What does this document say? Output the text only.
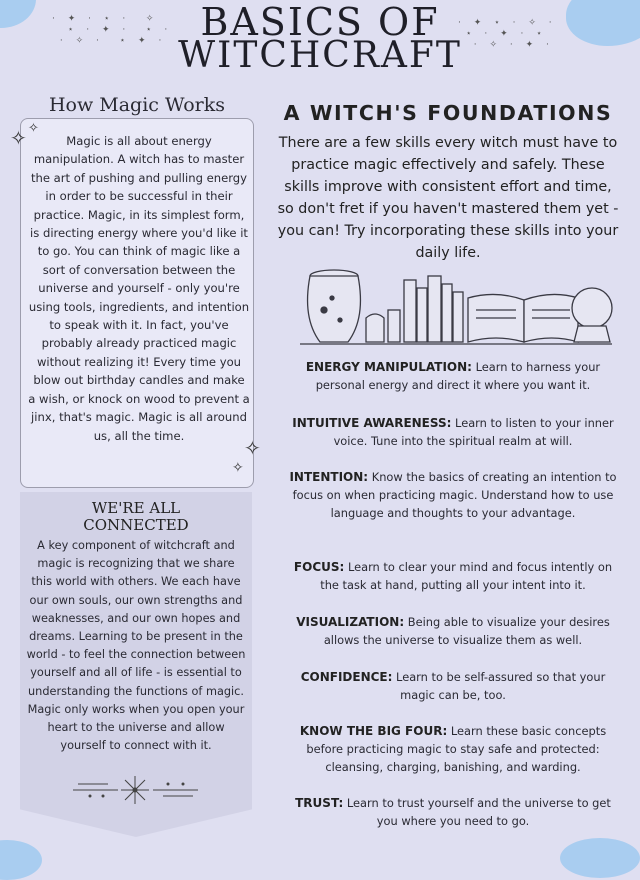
· ✦ · ⋆ ·  ✧
⋆ · ✦ ·  ⋆ ·
· ✧ ·  ⋆ ✦ ·
· ✦ ⋆ · ✧ ·
⋆ · ✦ · ⋆
· ✧ · ✦ ·
BASICS OF
WITCHCRAFT
How Magic Works
Magic is all about energy manipulation. A witch has to master the art of pushing and pulling energy in order to be successful in their practice. Magic, in its simplest form, is directing energy where you'd like it to go. You can think of magic like a sort of conversation between the universe and yourself - only you're using tools, ingredients, and intention to speak with it. In fact, you've probably already practiced magic without realizing it! Every time you blow out birthday candles and make a wish, or knock on wood to prevent a jinx, that's magic. Magic is all around us, all the time.
✧ ✧
✧
✧
WE'RE ALL
CONNECTED
A key component of witchcraft and magic is recognizing that we share this world with others. We each have our own souls, our own strengths and weaknesses, and our own hopes and dreams. Learning to be present in the world - to feel the connection between yourself and all of life - is essential to understanding the functions of magic. Magic only works when you open your heart to the universe and allow yourself to connect with it.
A WITCH'S FOUNDATIONS
There are a few skills every witch must have to practice magic effectively and safely. These skills improve with consistent effort and time, so don't fret if you haven't mastered them yet - you can! Try incorporating these skills into your daily life.
ENERGY MANIPULATION: Learn to harness your personal energy and direct it where you want it.
INTUITIVE AWARENESS: Learn to listen to your inner voice. Tune into the spiritual realm at will.
INTENTION: Know the basics of creating an intention to focus on when practicing magic. Understand how to use language and thoughts to your advantage.
FOCUS: Learn to clear your mind and focus intently on the task at hand, putting all your intent into it.
VISUALIZATION: Being able to visualize your desires allows the universe to visualize them as well.
CONFIDENCE: Learn to be self-assured so that your magic can be, too.
KNOW THE BIG FOUR: Learn these basic concepts before practicing magic to stay safe and protected: cleansing, charging, banishing, and warding.
TRUST: Learn to trust yourself and the universe to get you where you need to go.
